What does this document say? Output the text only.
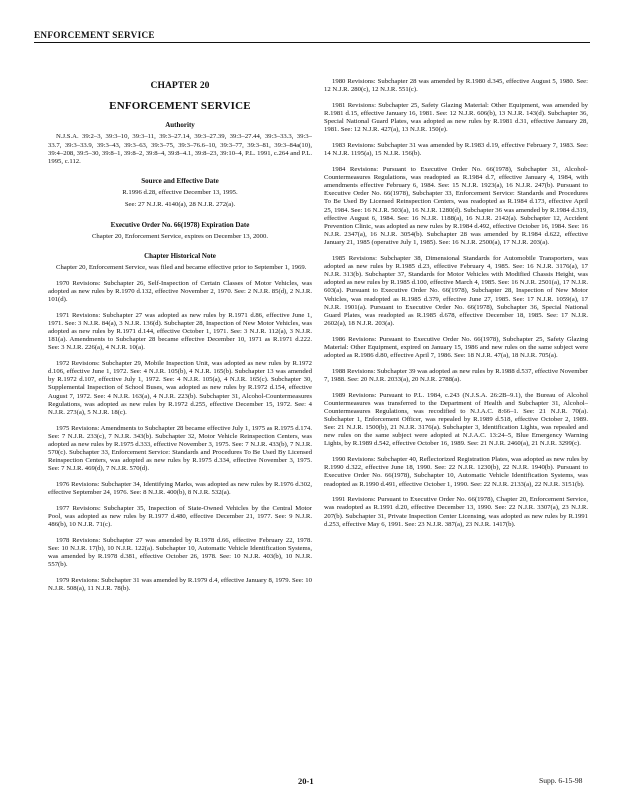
ENFORCEMENT SERVICE
CHAPTER 20
ENFORCEMENT SERVICE
Authority

N.J.S.A. 39:2–3, 39:3–10, 39:3–11, 39:3–27.14, 39:3–27.39, 39:3–27.44, 39:3–33.3, 39:3–33.7, 39:3–33.9, 39:3–43, 39:3–63, 39:3–75, 39:3–76.6–10, 39:3–77, 39:3–81, 39:3–84a(10), 39:4–208, 39:5–30, 39:8–1, 39:8–2, 39:8–4, 39:8–4.1, 39:8–23, 39:10–4, P.L. 1991, c.264 and P.L. 1995, c.112.

Source and Effective Date
R.1996 d.28, effective December 13, 1995.
See: 27 N.J.R. 4140(a), 28 N.J.R. 272(a).
Executive Order No. 66(1978) Expiration Date
Chapter 20, Enforcement Service, expires on December 13, 2000.
Chapter Historical Note

Chapter 20, Enforcement Service, was filed and became effective prior to September 1, 1969.

1970 Revisions: Subchapter 26, Self-Inspection of Certain Classes of Motor Vehicles, was adopted as new rules by R.1970 d.132, effective November 2, 1970. See: 2 N.J.R. 85(d), 2 N.J.R. 101(d).

1971 Revisions: Subchapter 27 was adopted as new rules by R.1971 d.86, effective June 1, 1971. See: 3 N.J.R. 84(a), 3 N.J.R. 136(d). Subchapter 28, Inspection of New Motor Vehicles, was adopted as new rules by R.1971 d.144, effective October 1, 1971. See: 3 N.J.R. 112(a), 3 N.J.R. 181(a). Amendments to Subchapter 28 became effective December 10, 1971 as R.1971 d.222. See: 3 N.J.R. 226(a), 4 N.J.R. 10(a).

1972 Revisions: Subchapter 29, Mobile Inspection Unit, was adopted as new rules by R.1972 d.106, effective June 1, 1972. See: 4 N.J.R. 105(b), 4 N.J.R. 165(b). Subchapter 13 was amended by R.1972 d.107, effective July 1, 1972. See: 4 N.J.R. 105(a), 4 N.J.R. 165(c). Subchapter 30, Supplemental Inspection of School Buses, was adopted as new rules by R.1972 d.154, effective August 7, 1972. See: 4 N.J.R. 163(a), 4 N.J.R. 223(b). Subchapter 31, Alcohol-Countermeasures Regulations, was adopted as new rules by R.1972 d.255, effective December 15, 1972. See: 4 N.J.R. 273(a), 5 N.J.R. 18(c).

1975 Revisions: Amendments to Subchapter 28 became effective July 1, 1975 as R.1975 d.174. See: 7 N.J.R. 233(c), 7 N.J.R. 343(b). Subchapter 32, Motor Vehicle Reinspection Centers, was adopted as new rules by R.1975 d.333, effective November 3, 1975. See: 7 N.J.R. 433(b), 7 N.J.R. 570(c). Subchapter 33, Enforcement Service: Standards and Procedures To Be Used By Licensed Reinspection Centers, was adopted as new rules by R.1975 d.334, effective November 3, 1975. See: 7 N.J.R. 469(d), 7 N.J.R. 570(d).

1976 Revisions: Subchapter 34, Identifying Marks, was adopted as new rules by R.1976 d.302, effective September 24, 1976. See: 8 N.J.R. 400(b), 8 N.J.R. 532(a).

1977 Revisions: Subchapter 35, Inspection of State-Owned Vehicles by the Central Motor Pool, was adopted as new rules by R.1977 d.480, effective December 21, 1977. See: 9 N.J.R. 486(b), 10 N.J.R. 71(c).

1978 Revisions: Subchapter 27 was amended by R.1978 d.66, effective February 22, 1978. See: 10 N.J.R. 17(b), 10 N.J.R. 122(a). Subchapter 10, Automatic Vehicle Identification Systems, was amended by R.1978 d.381, effective October 26, 1978. See: 10 N.J.R. 403(b), 10 N.J.R. 557(b).

1979 Revisions: Subchapter 31 was amended by R.1979 d.4, effective January 8, 1979. See: 10 N.J.R. 508(a), 11 N.J.R. 78(b).

1980 Revisions: Subchapter 28 was amended by R.1980 d.345, effective August 5, 1980. See: 12 N.J.R. 280(c), 12 N.J.R. 551(c).

1981 Revisions: Subchapter 25, Safety Glazing Material: Other Equipment, was amended by R.1981 d.15, effective January 16, 1981. See: 12 N.J.R. 606(b), 13 N.J.R. 143(d). Subchapter 36, Special National Guard Plates, was adopted as new rules by R.1981 d.31, effective January 28, 1981. See: 12 N.J.R. 427(a), 13 N.J.R. 150(e).

1983 Revisions: Subchapter 31 was amended by R.1983 d.19, effective February 7, 1983. See: 14 N.J.R. 1195(a), 15 N.J.R. 156(b).

1984 Revisions: Pursuant to Executive Order No. 66(1978), Subchapter 31, Alcohol-Countermeasures Regulations, was readopted as R.1984 d.7, effective January 4, 1984, with amendments effective February 6, 1984. See: 15 N.J.R. 1923(a), 16 N.J.R. 247(b). Pursuant to Executive Order No. 66(1978), Subchapter 33, Enforcement Service: Standards and Procedures To Be Used By Licensed Reinspection Centers, was readopted as R.1984 d.173, effective April 25, 1984. See: 16 N.J.R. 503(a), 16 N.J.R. 1280(d). Subchapter 36 was amended by R.1984 d.319, effective August 6, 1984. See: 16 N.J.R. 1188(a), 16 N.J.R. 2142(a). Subchapter 12, Accident Prevention Clinic, was adopted as new rules by R.1984 d.492, effective October 16, 1984. See: 16 N.J.R. 2347(a), 16 N.J.R. 3054(b). Subchapter 28 was amended by R.1984 d.622, effective January 21, 1985 (operative July 1, 1985). See: 16 N.J.R. 2500(a), 17 N.J.R. 203(a).

1985 Revisions: Subchapter 38, Dimensional Standards for Automobile Transporters, was adopted as new rules by R.1985 d.23, effective February 4, 1985. See: 16 N.J.R. 3176(a), 17 N.J.R. 313(b). Subchapter 37, Standards for Motor Vehicles with Modified Chassis Height, was adopted as new rules by R.1985 d.100, effective March 4, 1985. See: 16 N.J.R. 2501(a), 17 N.J.R. 603(a). Pursuant to Executive Order No. 66(1978), Subchapter 28, Inspection of New Motor Vehicles, was readopted as R.1985 d.379, effective June 27, 1985. See: 17 N.J.R. 1059(a), 17 N.J.R. 1901(a). Pursuant to Executive Order No. 66(1978), Subchapter 36, Special National Guard Plates, was readopted as R.1985 d.678, effective December 18, 1985. See: 17 N.J.R. 2602(a), 18 N.J.R. 203(a).

1986 Revisions: Pursuant to Executive Order No. 66(1978), Subchapter 25, Safety Glazing Material: Other Equipment, expired on January 15, 1986 and new rules on the same subject were adopted as R.1986 d.80, effective April 7, 1986. See: 18 N.J.R. 47(a), 18 N.J.R. 705(a).

1988 Revisions: Subchapter 39 was adopted as new rules by R.1988 d.537, effective November 7, 1988. See: 20 N.J.R. 2033(a), 20 N.J.R. 2788(a).

1989 Revisions: Pursuant to P.L. 1984, c.243 (N.J.S.A. 26:2B–9.1), the Bureau of Alcohol Countermeasures was transferred to the Department of Health and Subchapter 31, Alcohol–Countermeasures Regulations, was recodified to N.J.A.C. 8:66–1. See: 21 N.J.R. 70(a). Subchapter 1, Enforcement Officer, was repealed by R.1989 d.518, effective October 2, 1989. See: 21 N.J.R. 1500(b), 21 N.J.R. 3176(a). Subchapter 3, Identification Lights, was repealed and new rules on the same subject were adopted at N.J.A.C. 13:24–5, Blue Emergency Warning Lights, by R.1989 d.542, effective October 16, 1989. See: 21 N.J.R. 2460(a), 21 N.J.R. 3299(c).

1990 Revisions: Subchapter 40, Reflectorized Registration Plates, was adopted as new rules by R.1990 d.322, effective June 18, 1990. See: 22 N.J.R. 1230(b), 22 N.J.R. 1940(b). Pursuant to Executive Order No. 66(1978), Subchapter 10, Automatic Vehicle Identification Systems, was readopted as R.1990 d.491, effective October 1, 1990. See: 22 N.J.R. 2133(a), 22 N.J.R. 3151(b).

1991 Revisions: Pursuant to Executive Order No. 66(1978), Chapter 20, Enforcement Service, was readopted as R.1991 d.20, effective December 13, 1990. See: 22 N.J.R. 3307(a), 23 N.J.R. 207(b). Subchapter 31, Private Inspection Center Licensing, was adopted as new rules by R.1991 d.253, effective May 6, 1991. See: 23 N.J.R. 387(a), 23 N.J.R. 1417(b).

20-1	Supp. 6-15-98
